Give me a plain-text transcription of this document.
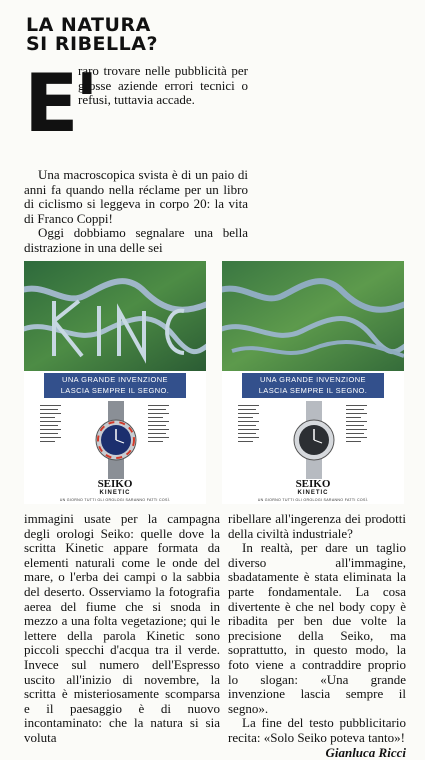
LA NATURA
SI RIBELLA?
E'

raro trovare nelle pubblicità per grosse aziende errori tecnici o refusi, tuttavia accade.

Una macroscopica svista è di un paio di anni fa quando nella réclame per un libro di ciclismo si leggeva in corpo 20: la vita di Franco Coppi!

Oggi dobbiamo segnalare una bella distrazione in una delle sei

UNA GRANDE INVENZIONE
LASCIA SEMPRE IL SEGNO.
▬▬▬▬▬▬▬
▬▬▬▬▬▬
▬▬▬▬▬▬▬
▬▬▬▬▬
▬▬▬▬▬▬▬
▬▬▬▬▬▬
▬▬▬▬▬▬▬
▬▬▬▬▬▬
▬▬▬▬▬▬▬
▬▬▬▬▬
▬▬▬▬▬▬▬
▬▬▬▬▬▬
▬▬▬▬▬▬▬
▬▬▬▬▬
▬▬▬▬▬▬▬
▬▬▬▬▬▬
▬▬▬▬▬▬▬
▬▬▬▬▬▬
▬▬▬▬▬▬▬
▬▬▬▬▬
SEIKO
KINETIC
UN GIORNO TUTTI GLI OROLOGI SARANNO FATTI COSÌ.
UNA GRANDE INVENZIONE
LASCIA SEMPRE IL SEGNO.
▬▬▬▬▬▬▬
▬▬▬▬▬▬
▬▬▬▬▬▬▬
▬▬▬▬▬
▬▬▬▬▬▬▬
▬▬▬▬▬▬
▬▬▬▬▬▬▬
▬▬▬▬▬▬
▬▬▬▬▬▬▬
▬▬▬▬▬
▬▬▬▬▬▬▬
▬▬▬▬▬▬
▬▬▬▬▬▬▬
▬▬▬▬▬
▬▬▬▬▬▬▬
▬▬▬▬▬▬
▬▬▬▬▬▬▬
▬▬▬▬▬▬
▬▬▬▬▬▬▬
▬▬▬▬▬
SEIKO
KINETIC
UN GIORNO TUTTI GLI OROLOGI SARANNO FATTI COSÌ.

immagini usate per la campagna degli orologi Seiko: quelle dove la scritta Kinetic appare formata da elementi naturali come le onde del mare, o l'erba dei campi o la sabbia del deserto. Osserviamo la fotografia aerea del fiume che si snoda in mezzo a una folta vegetazione; qui le lettere della parola Kinetic sono piccoli specchi d'acqua tra il verde. Invece sul numero dell'Espresso uscito all'inizio di novembre, la scritta è misteriosamente scomparsa e il paesaggio è di nuovo incontaminato: che la natura si sia voluta

ribellare all'ingerenza dei prodotti della civiltà industriale?

In realtà, per dare un taglio diverso all'immagine, sbadatamente è stata eliminata la parte fondamentale. La cosa divertente è che nel body copy è ribadita per ben due volte la precisione della Seiko, ma soprattutto, in questo modo, la foto viene a contraddire proprio lo slogan: «Una grande invenzione lascia sempre il segno».

La fine del testo pubblicitario recita: «Solo Seiko poteva tanto»!

Gianluca Ricci
